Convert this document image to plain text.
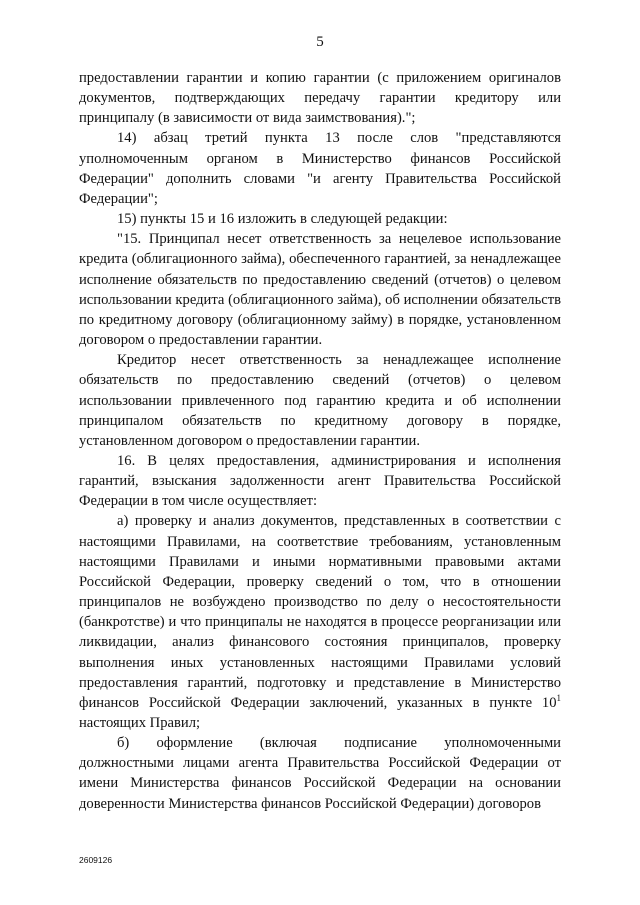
5

предоставлении гарантии и копию гарантии (с приложением оригиналов документов, подтверждающих передачу гарантии кредитору или принципалу (в зависимости от вида заимствования).";

14) абзац третий пункта 13 после слов "представляются уполномоченным органом в Министерство финансов Российской Федерации" дополнить словами "и агенту Правительства Российской Федерации";

15) пункты 15 и 16 изложить в следующей редакции:

"15. Принципал несет ответственность за нецелевое использование кредита (облигационного займа), обеспеченного гарантией, за ненадлежащее исполнение обязательств по предоставлению сведений (отчетов) о целевом использовании кредита (облигационного займа), об исполнении обязательств по кредитному договору (облигационному займу) в порядке, установленном договором о предоставлении гарантии.

Кредитор несет ответственность за ненадлежащее исполнение обязательств по предоставлению сведений (отчетов) о целевом использовании привлеченного под гарантию кредита и об исполнении принципалом обязательств по кредитному договору в порядке, установленном договором о предоставлении гарантии.

16. В целях предоставления, администрирования и исполнения гарантий, взыскания задолженности агент Правительства Российской Федерации в том числе осуществляет:

а) проверку и анализ документов, представленных в соответствии с настоящими Правилами, на соответствие требованиям, установленным настоящими Правилами и иными нормативными правовыми актами Российской Федерации, проверку сведений о том, что в отношении принципалов не возбуждено производство по делу о несостоятельности (банкротстве) и что принципалы не находятся в процессе реорганизации или ликвидации, анализ финансового состояния принципалов, проверку выполнения иных установленных настоящими Правилами условий предоставления гарантий, подготовку и представление в Министерство финансов Российской Федерации заключений, указанных в пункте $10^1$ настоящих Правил;

б) оформление (включая подписание уполномоченными должностными лицами агента Правительства Российской Федерации от имени Министерства финансов Российской Федерации на основании доверенности Министерства финансов Российской Федерации) договоров

2609126
